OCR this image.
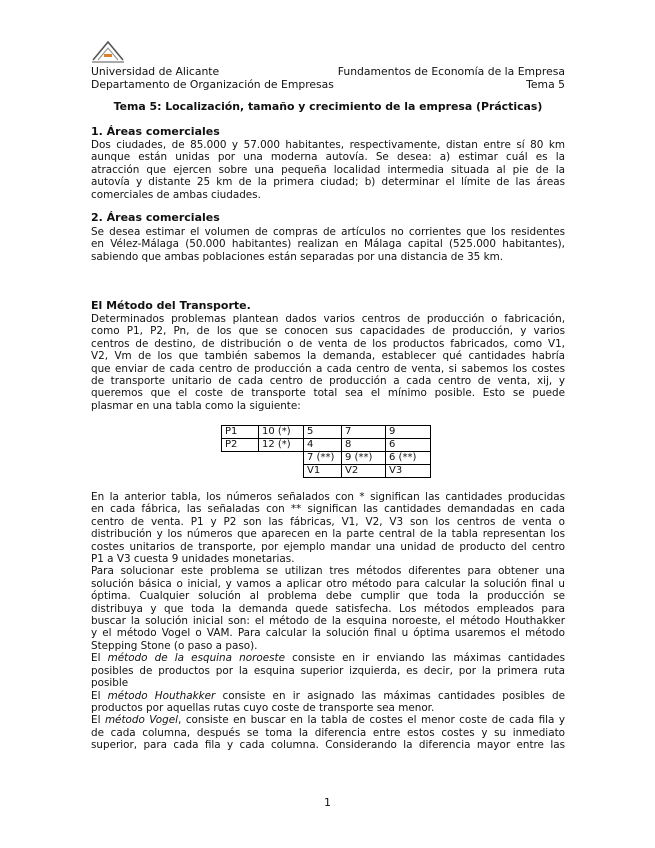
Universidad de Alicante	Fundamentos de Economía de la Empresa
Departamento de Organización de Empresas	Tema 5
Tema 5: Localización, tamaño y crecimiento de la empresa (Prácticas)
1. Áreas comerciales
Dos ciudades, de 85.000 y 57.000 habitantes, respectivamente, distan entre sí 80 km
aunque están unidas por una moderna autovía. Se desea: a) estimar cuál es la
atracción que ejercen sobre una pequeña localidad intermedia situada al pie de la
autovía y distante 25 km de la primera ciudad; b) determinar el límite de las áreas
comerciales de ambas ciudades.
2. Áreas comerciales
Se desea estimar el volumen de compras de artículos no corrientes que los residentes
en Vélez-Málaga (50.000 habitantes) realizan en Málaga capital (525.000 habitantes),
sabiendo que ambas poblaciones están separadas por una distancia de 35 km.
El Método del Transporte.
Determinados problemas plantean dados varios centros de producción o fabricación,
como P1, P2, Pn, de los que se conocen sus capacidades de producción, y varios
centros de destino, de distribución o de venta de los productos fabricados, como V1,
V2, Vm de los que también sabemos la demanda, establecer qué cantidades habría
que enviar de cada centro de producción a cada centro de venta, si sabemos los costes
de transporte unitario de cada centro de producción a cada centro de venta, xij, y
queremos que el coste de transporte total sea el mínimo posible. Esto se puede
plasmar en una tabla como la siguiente:
P1	10 (*)	5	7	9
P2	12 (*)	4	8	6
		7 (**)	9 (**)	6 (**)
		V1	V2	V3
En la anterior tabla, los números señalados con * significan las cantidades producidas
en cada fábrica, las señaladas con ** significan las cantidades demandadas en cada
centro de venta. P1 y P2 son las fábricas, V1, V2, V3 son los centros de venta o
distribución y los números que aparecen en la parte central de la tabla representan los
costes unitarios de transporte, por ejemplo mandar una unidad de producto del centro
P1 a V3 cuesta 9 unidades monetarias.
Para solucionar este problema se utilizan tres métodos diferentes para obtener una
solución básica o inicial, y vamos a aplicar otro método para calcular la solución final u
óptima. Cualquier solución al problema debe cumplir que toda la producción se
distribuya y que toda la demanda quede satisfecha. Los métodos empleados para
buscar la solución inicial son: el método de la esquina noroeste, el método Houthakker
y el método Vogel o VAM. Para calcular la solución final u óptima usaremos el método
Stepping Stone (o paso a paso).
El método de la esquina noroeste consiste en ir enviando las máximas cantidades
posibles de productos por la esquina superior izquierda, es decir, por la primera ruta
posible
El método Houthakker consiste en ir asignado las máximas cantidades posibles de
productos por aquellas rutas cuyo coste de transporte sea menor.
El método Vogel, consiste en buscar en la tabla de costes el menor coste de cada fila y
de cada columna, después se toma la diferencia entre estos costes y su inmediato
superior, para cada fila y cada columna. Considerando la diferencia mayor entre las
1
